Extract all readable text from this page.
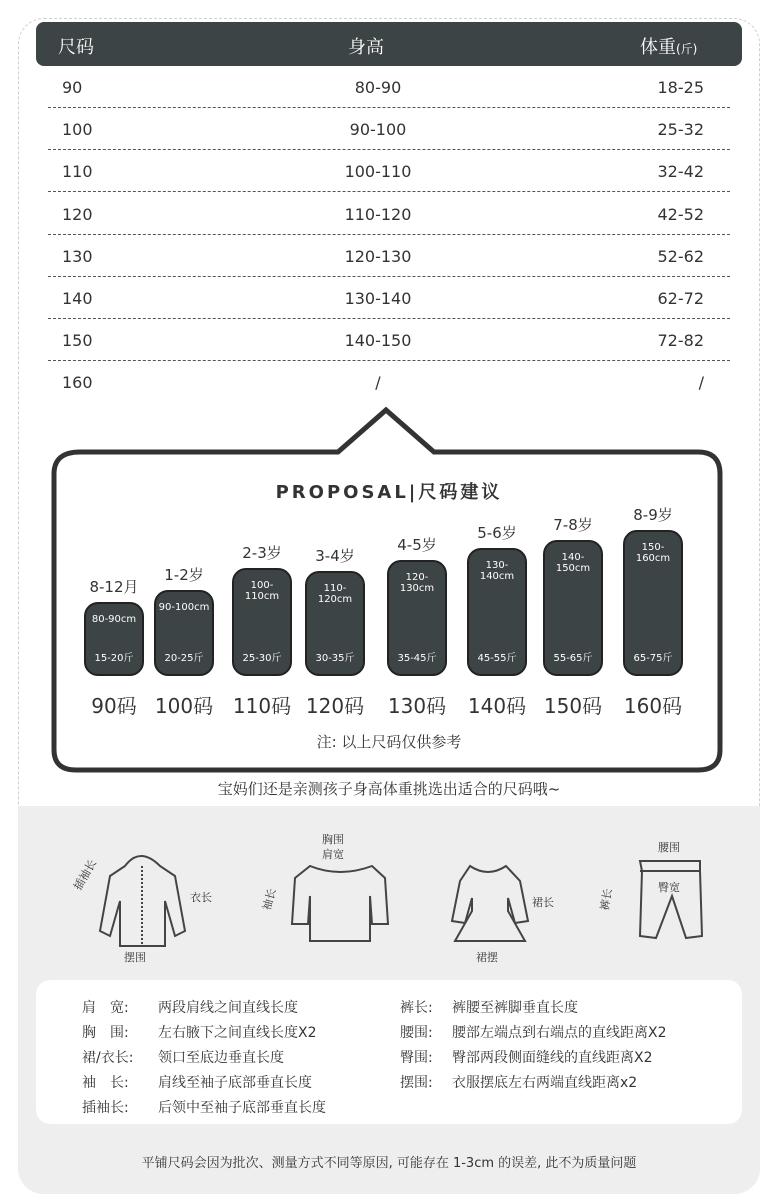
尺码	身高	体重(斤)
90	80-90	18-25
100	90-100	25-32
110	100-110	32-42
120	110-120	42-52
130	120-130	52-62
140	130-140	62-72
150	140-150	72-82
160	/	/
PROPOSAL|尺码建议
8-12月
80-90cm
15-20斤
90码
1-2岁
90-100cm
20-25斤
100码
2-3岁
100-110cm
25-30斤
110码
3-4岁
110-120cm
30-35斤
120码
4-5岁
120-130cm
35-45斤
130码
5-6岁
130-140cm
45-55斤
140码
7-8岁
140-150cm
55-65斤
150码
8-9岁
150-160cm
65-75斤
160码
注: 以上尺码仅供参考
宝妈们还是亲测孩子身高体重挑选出适合的尺码哦~
插袖长
衣长
摆围
胸围
肩宽
袖长	裙长
裙摆
腰围
臀宽
裤长
肩　宽: 两段肩线之间直线长度
胸　围: 左右腋下之间直线长度X2
裙/衣长: 领口至底边垂直长度
袖　长: 肩线至袖子底部垂直长度
插袖长: 后领中至袖子底部垂直长度
裤长: 裤腰至裤脚垂直长度
腰围: 腰部左端点到右端点的直线距离X2
臀围: 臀部两段侧面缝线的直线距离X2
摆围: 衣服摆底左右两端直线距离x2
平铺尺码会因为批次、测量方式不同等原因, 可能存在 1-3cm 的误差, 此不为质量问题
